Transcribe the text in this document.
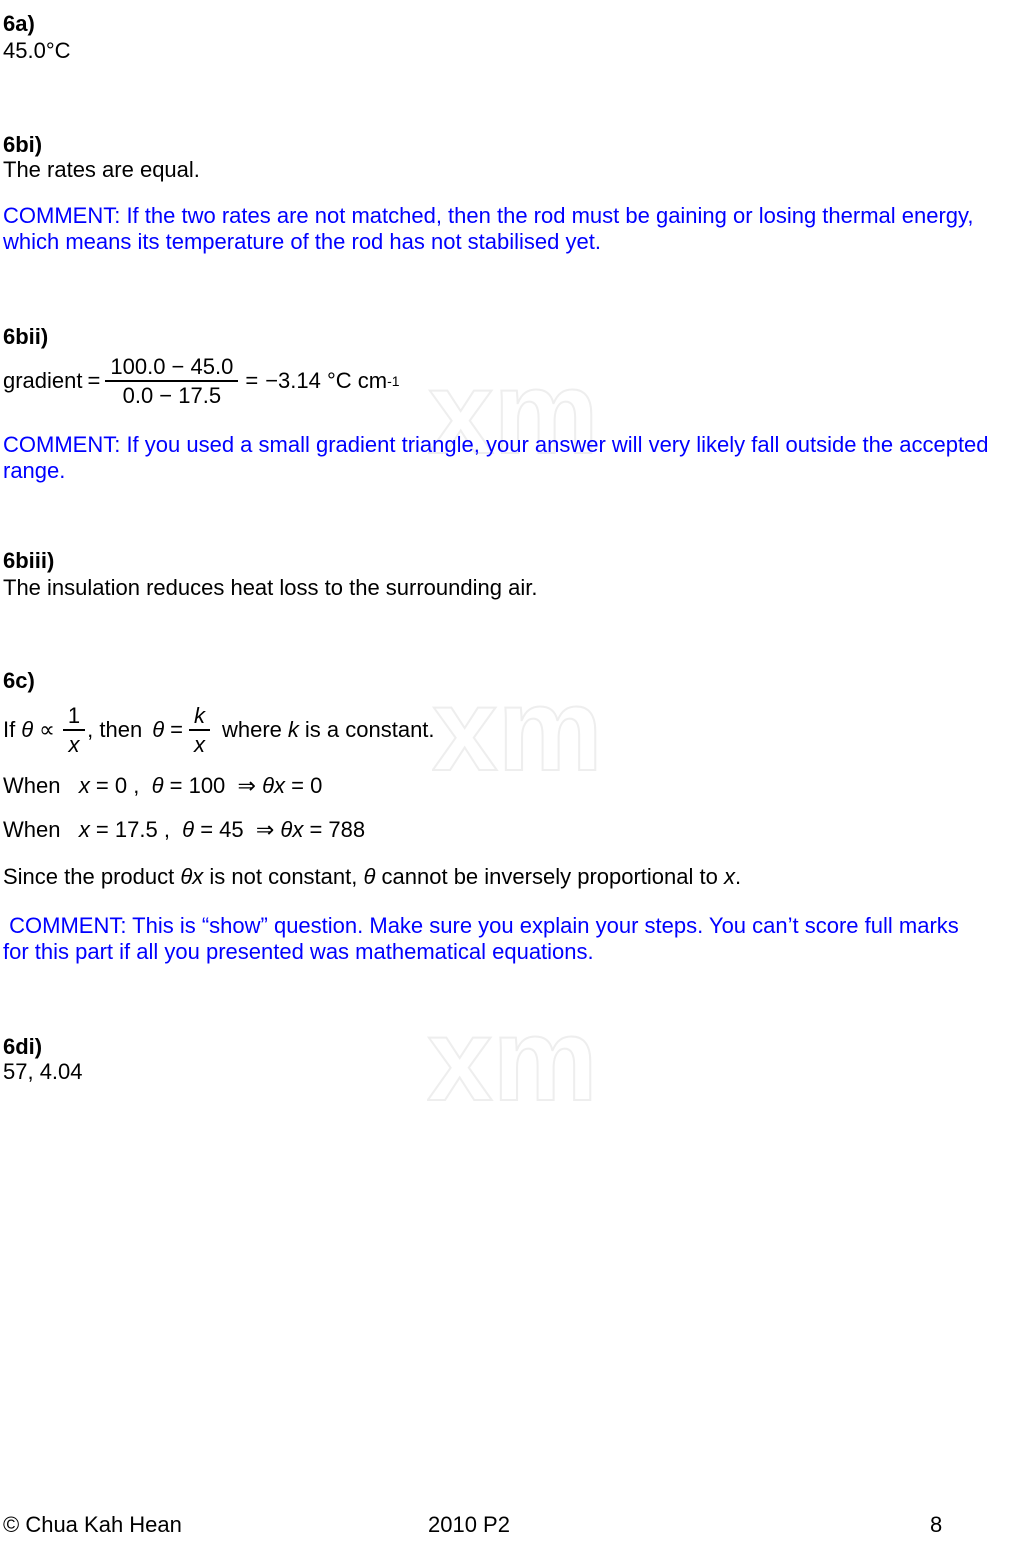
xm
xm
xm
6a)
45.0°C
6bi)
The rates are equal.
COMMENT: If the two rates are not matched, then the rod must be gaining or losing thermal energy,
which means its temperature of the rod has not stabilised yet.
6bii)
gradient = $\frac{100.0 - 45.0}{0.0 - 17.5} = -3.14$ °C cm -1
COMMENT: If you used a small gradient triangle, your answer will very likely fall outside the accepted
range.
6biii)
The insulation reduces heat loss to the surrounding air.
6c)
If $\theta \propto \frac{1}{x}$ , then $\theta = \frac{k}{x}$ where k is a constant.
When   x = 0 ,  θ = 100  ⇒ θx = 0
When   x = 17.5 ,  θ = 45  ⇒ θx = 788
Since the product θx is not constant, θ cannot be inversely proportional to x.
COMMENT: This is “show” question. Make sure you explain your steps. You can’t score full marks
for this part if all you presented was mathematical equations.
6di)
57, 4.04
© Chua Kah Hean	2010 P2	8
